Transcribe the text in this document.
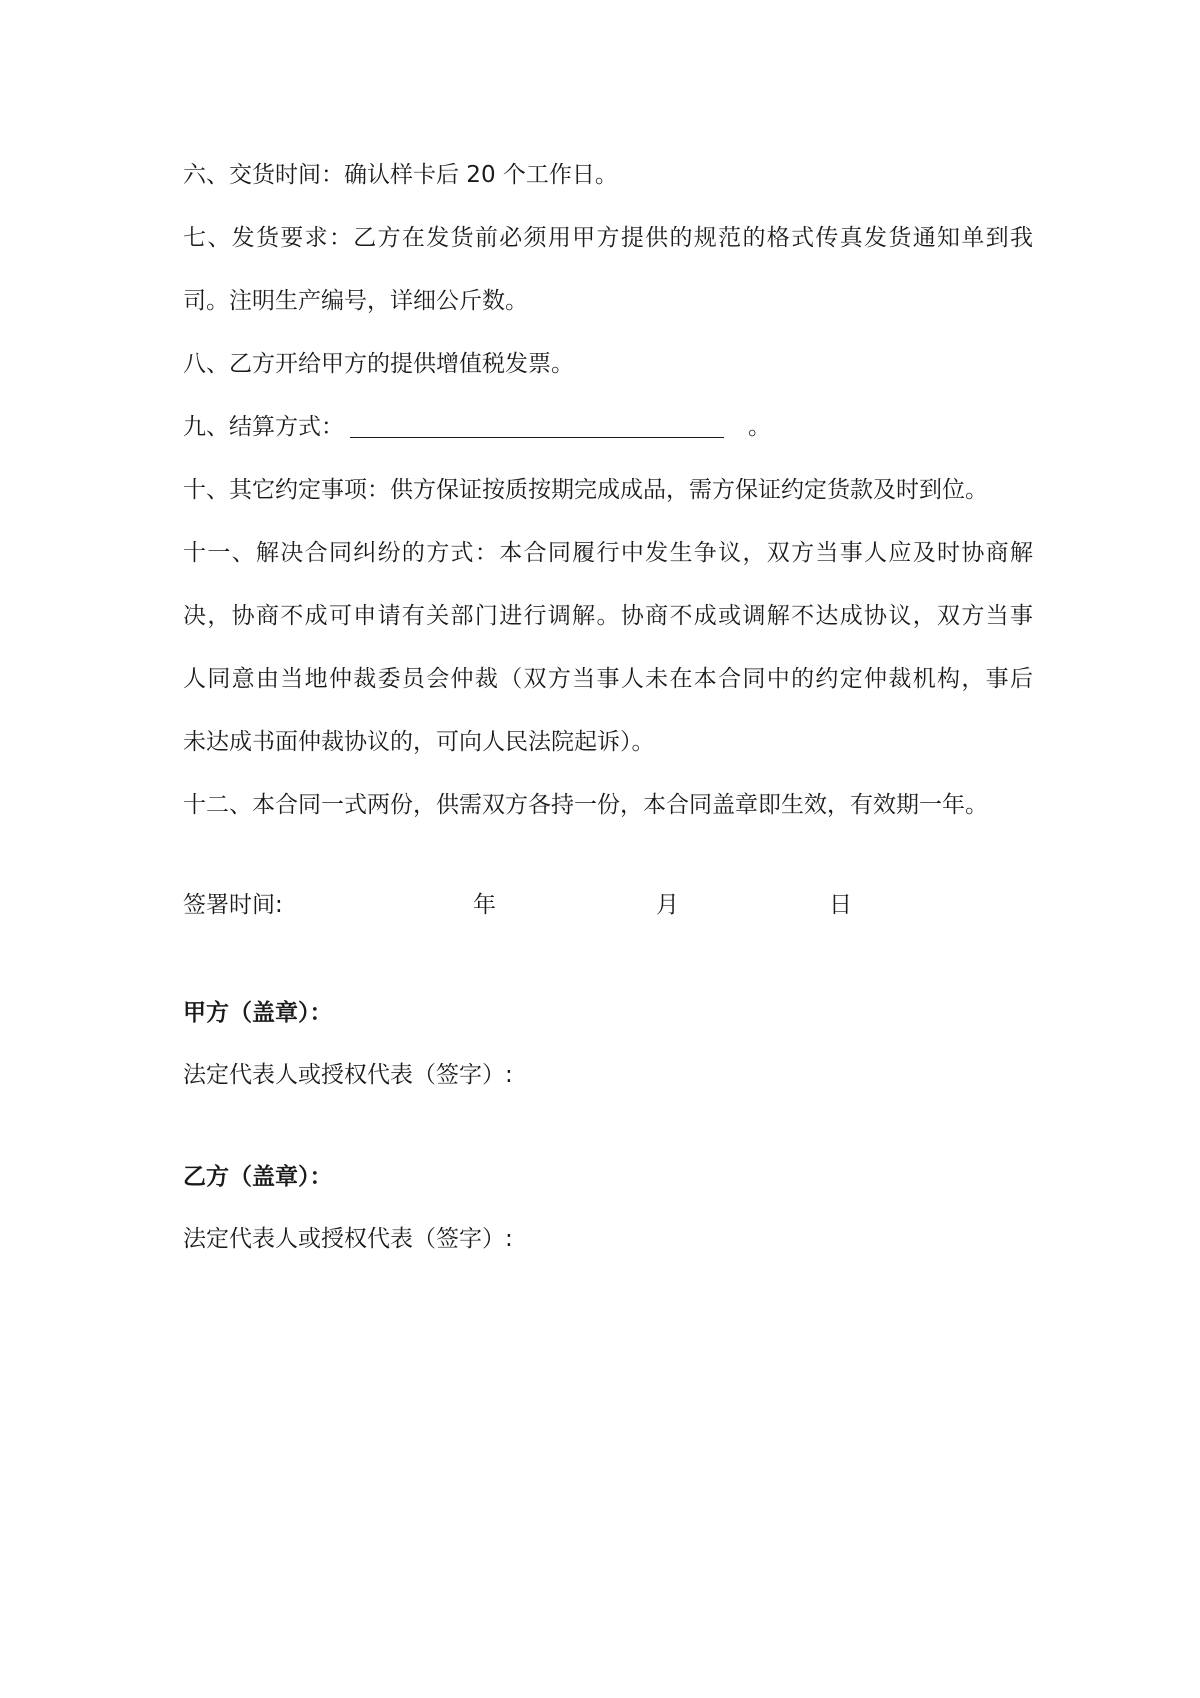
六、交货时间：确认样卡后 20 个工作日。

七、发货要求：乙方在发货前必须用甲方提供的规范的格式传真发货通知单到我
司。注明生产编号，详细公斤数。

八、乙方开给甲方的提供增值税发票。

九、结算方式：	。

十、其它约定事项：供方保证按质按期完成成品，需方保证约定货款及时到位。

十一、解决合同纠纷的方式：本合同履行中发生争议，双方当事人应及时协商解
决，协商不成可申请有关部门进行调解。协商不成或调解不达成协议，双方当事
人同意由当地仲裁委员会仲裁（双方当事人未在本合同中的约定仲裁机构，事后
未达成书面仲裁协议的，可向人民法院起诉）。

十二、本合同一式两份，供需双方各持一份，本合同盖章即生效，有效期一年。

签署时间:	年	月	日
甲方（盖章）：
法定代表人或授权代表（签字）:
乙方（盖章）：
法定代表人或授权代表（签字）:
